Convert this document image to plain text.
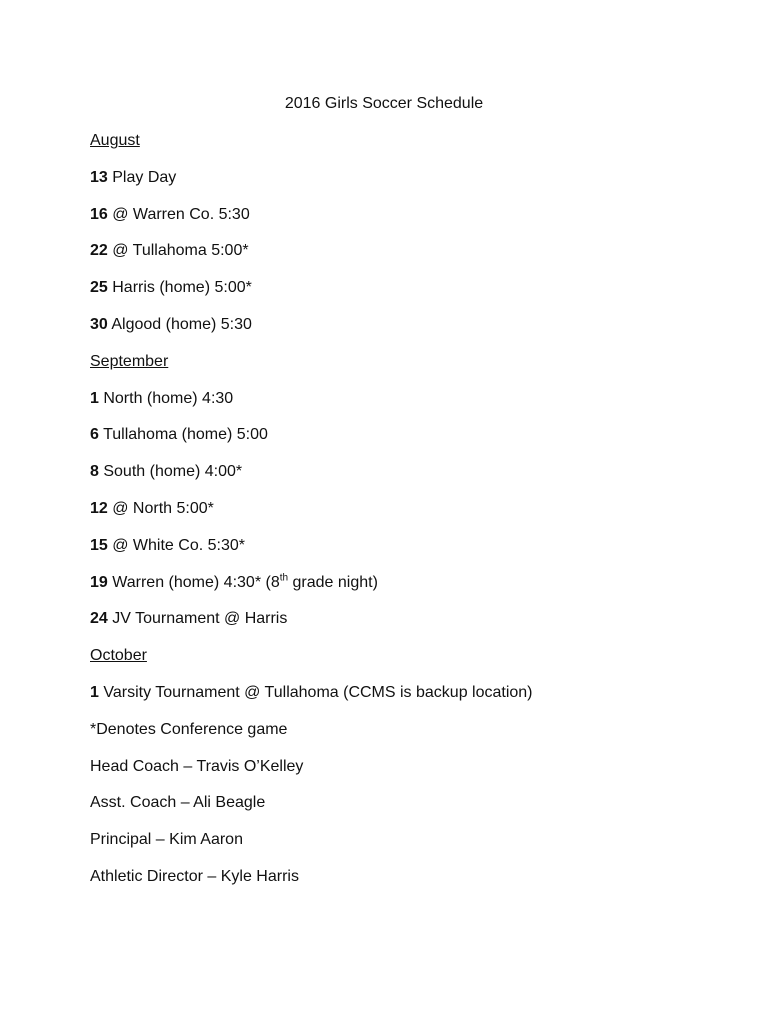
2016 Girls Soccer Schedule
August
13 Play Day
16 @ Warren Co. 5:30
22 @ Tullahoma 5:00*
25 Harris (home) 5:00*
30 Algood (home) 5:30
September
1 North (home) 4:30
6 Tullahoma (home) 5:00
8 South (home) 4:00*
12 @ North 5:00*
15 @ White Co. 5:30*
19 Warren (home) 4:30* (8th grade night)
24 JV Tournament @ Harris
October
1 Varsity Tournament @ Tullahoma (CCMS is backup location)
*Denotes Conference game
Head Coach – Travis O’Kelley
Asst. Coach – Ali Beagle
Principal – Kim Aaron
Athletic Director – Kyle Harris
